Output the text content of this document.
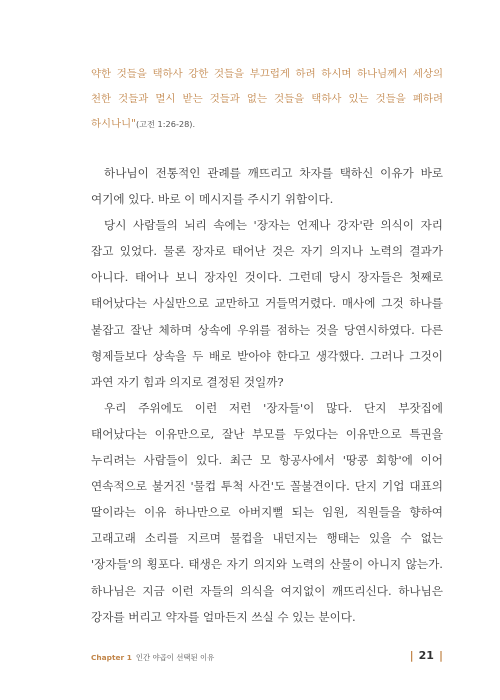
약한 것들을 택하사 강한 것들을 부끄럽게 하려 하시며 하나님께서 세상의 천한 것들과 멸시 받는 것들과 없는 것들을 택하사 있는 것들을 폐하려 하시나니"(고전 1:26-28).

하나님이 전통적인 관례를 깨뜨리고 차자를 택하신 이유가 바로 여기에 있다. 바로 이 메시지를 주시기 위함이다.

당시 사람들의 뇌리 속에는 '장자는 언제나 강자'란 의식이 자리 잡고 있었다. 물론 장자로 태어난 것은 자기 의지나 노력의 결과가 아니다. 태어나 보니 장자인 것이다. 그런데 당시 장자들은 첫째로 태어났다는 사실만으로 교만하고 거들먹거렸다. 매사에 그것 하나를 붙잡고 잘난 체하며 상속에 우위를 점하는 것을 당연시하였다. 다른 형제들보다 상속을 두 배로 받아야 한다고 생각했다. 그러나 그것이 과연 자기 힘과 의지로 결정된 것일까?

우리 주위에도 이런 저런 '장자들'이 많다. 단지 부잣집에 태어났다는 이유만으로, 잘난 부모를 두었다는 이유만으로 특권을 누리려는 사람들이 있다. 최근 모 항공사에서 '땅콩 회항'에 이어 연속적으로 불거진 '물컵 투척 사건'도 꼴불견이다. 단지 기업 대표의 딸이라는 이유 하나만으로 아버지뻘 되는 임원, 직원들을 향하여 고래고래 소리를 지르며 물컵을 내던지는 행태는 있을 수 없는 '장자들'의 횡포다. 태생은 자기 의지와 노력의 산물이 아니지 않는가. 하나님은 지금 이런 자들의 의식을 여지없이 깨뜨리신다. 하나님은 강자를 버리고 약자를 얼마든지 쓰실 수 있는 분이다.

Chapter 1 인간 야곱이 선택된 이유	| 21 |
